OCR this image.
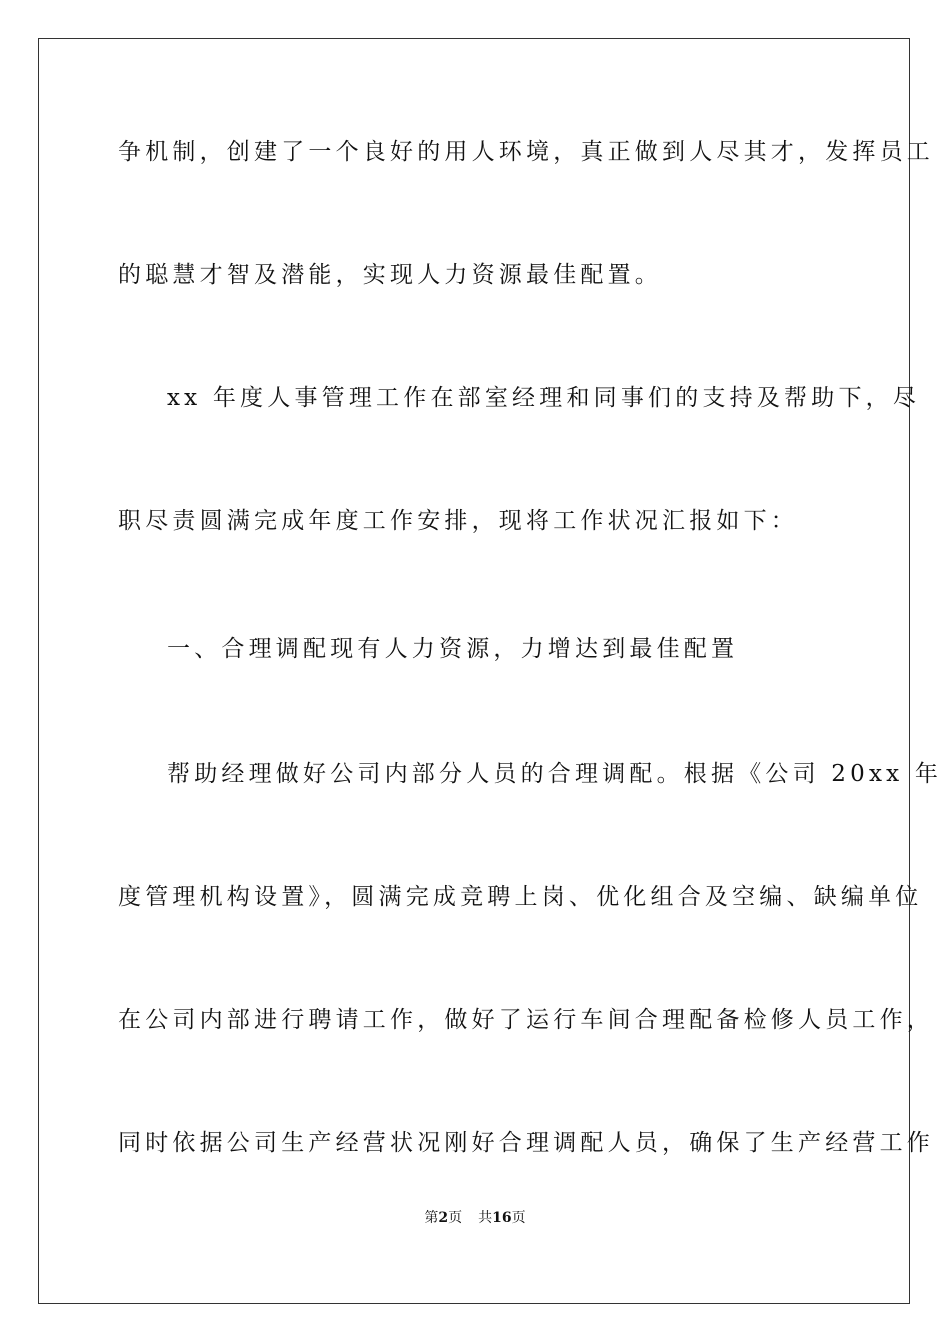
争机制，创建了一个良好的用人环境，真正做到人尽其才，发挥员工
的聪慧才智及潜能，实现人力资源最佳配置。
xx 年度人事管理工作在部室经理和同事们的支持及帮助下，尽
职尽责圆满完成年度工作安排，现将工作状况汇报如下：
一、合理调配现有人力资源，力增达到最佳配置
帮助经理做好公司内部分人员的合理调配。根据《公司 20xx 年
度管理机构设置》，圆满完成竞聘上岗、优化组合及空编、缺编单位
在公司内部进行聘请工作，做好了运行车间合理配备检修人员工作，
同时依据公司生产经营状况刚好合理调配人员，确保了生产经营工作
第2页 共16页
